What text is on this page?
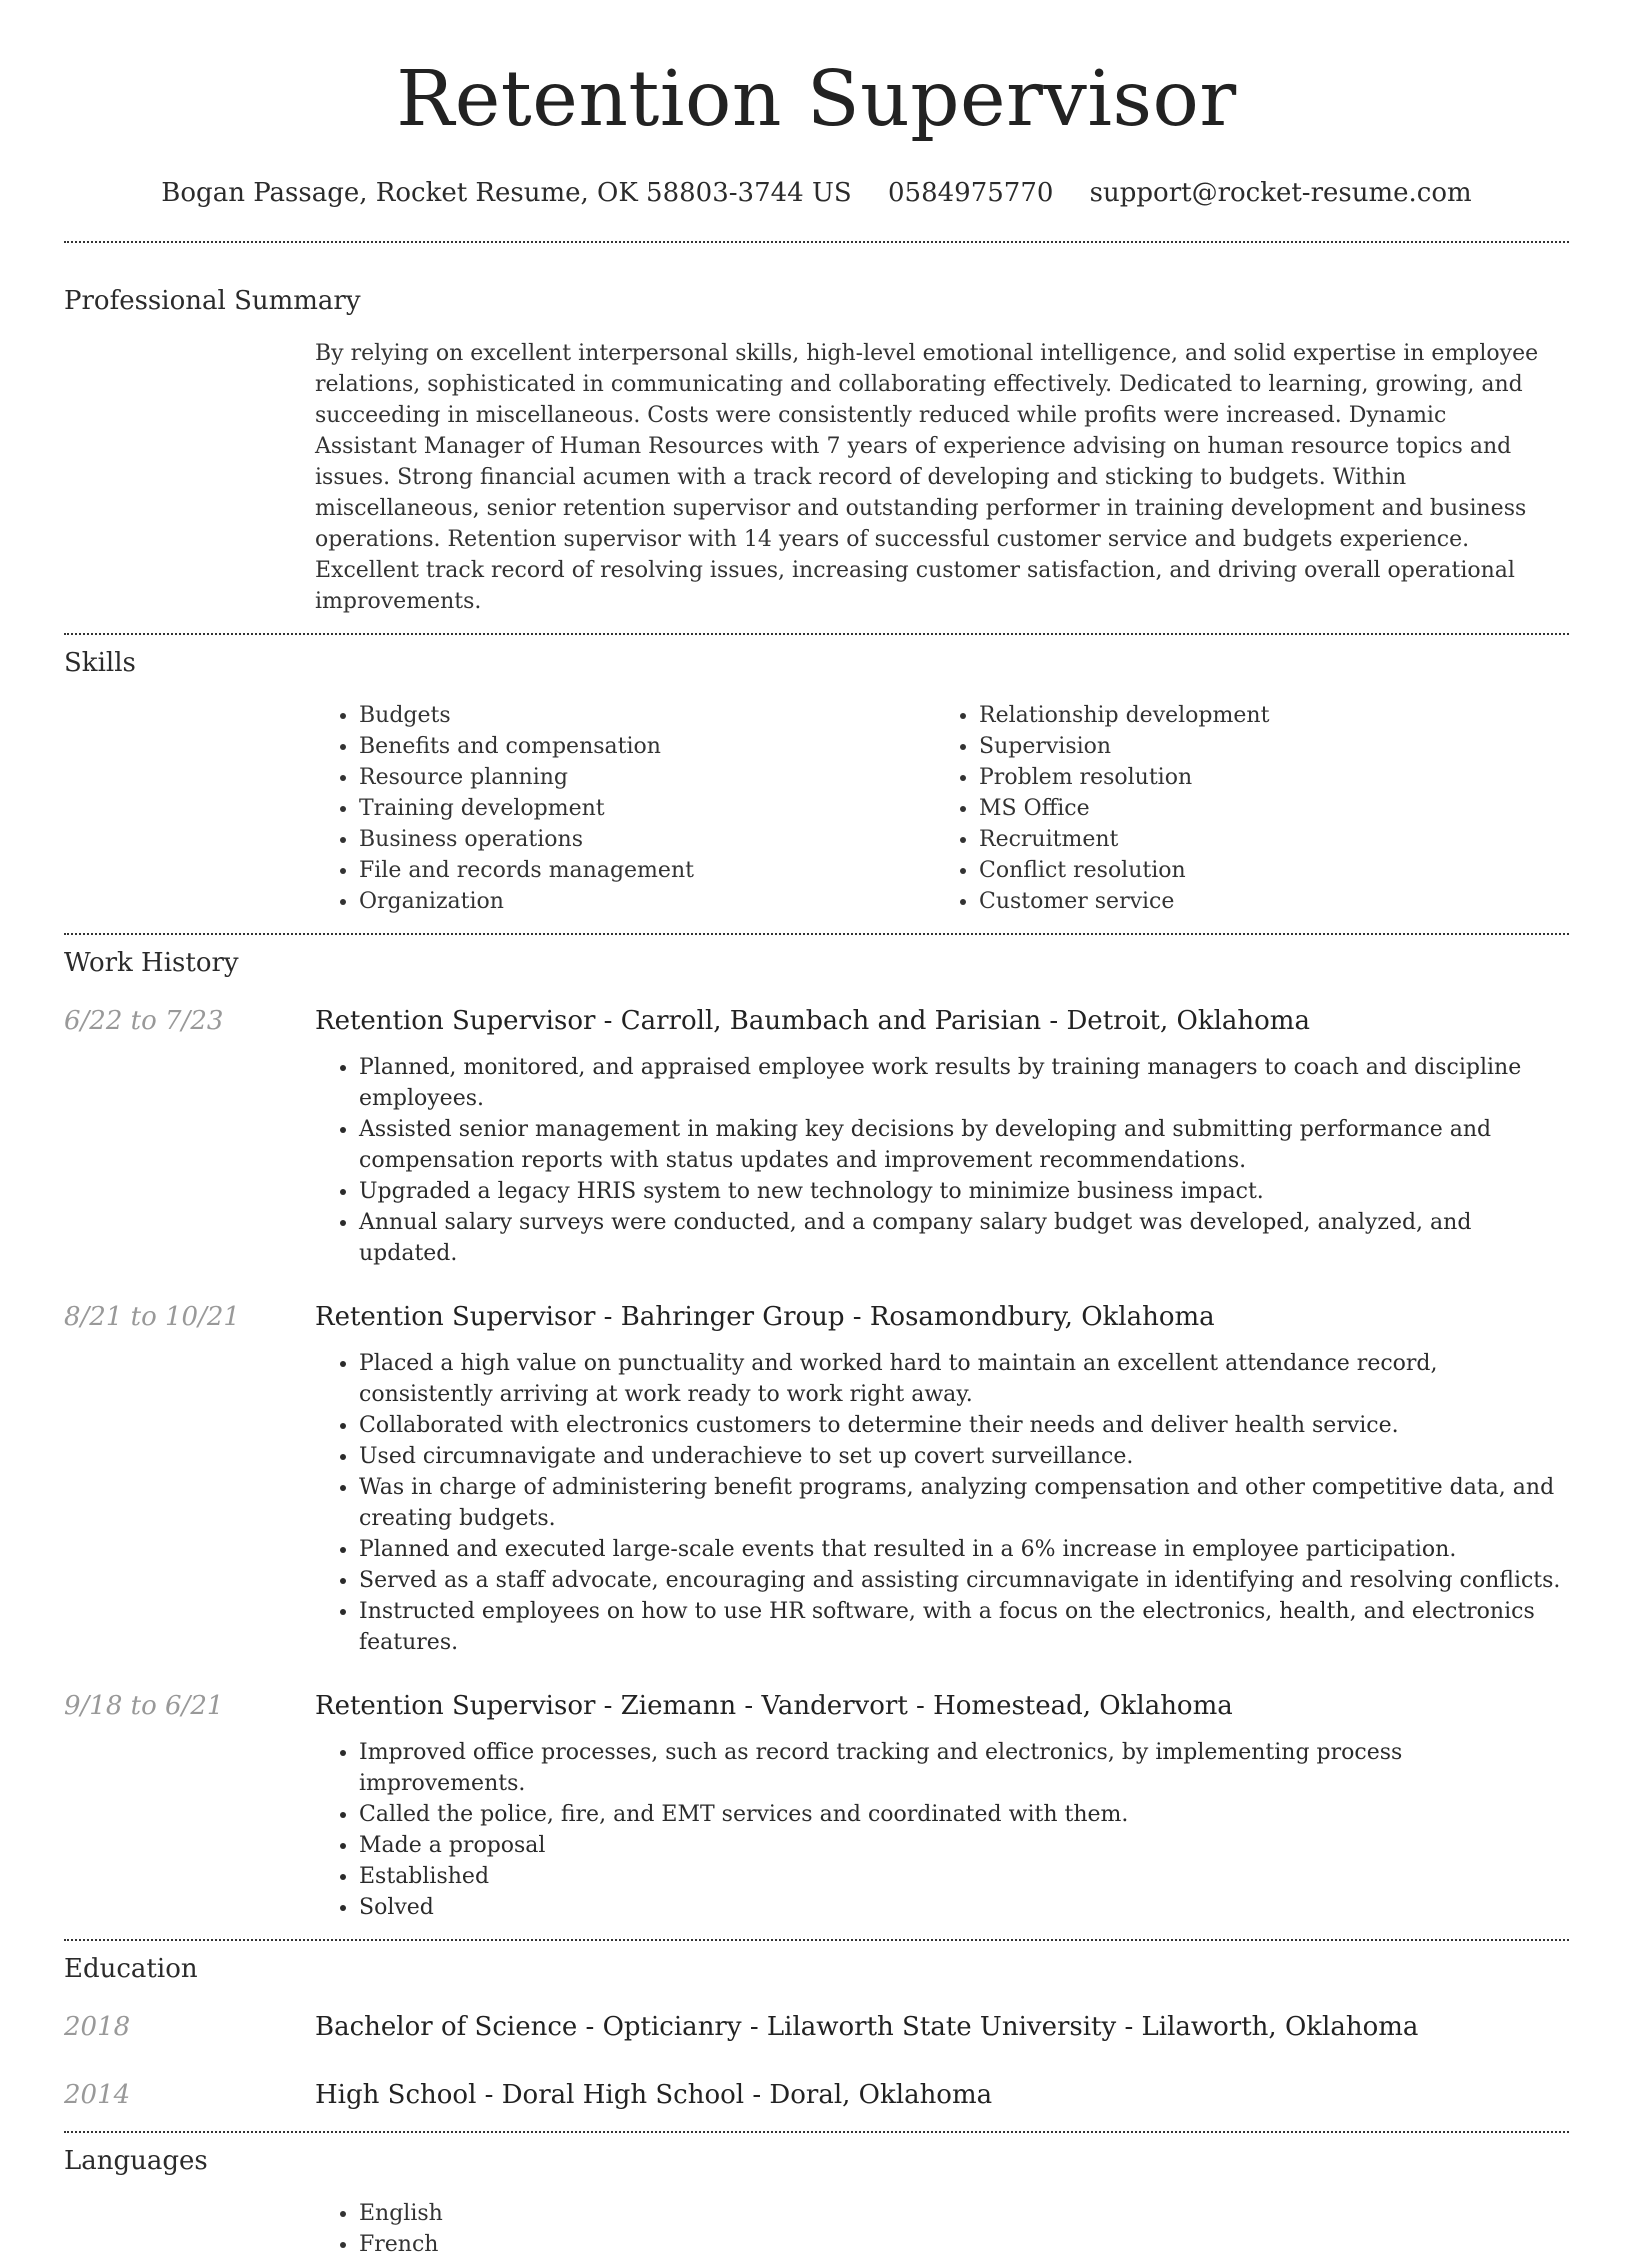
Retention Supervisor
Bogan Passage, Rocket Resume, OK 58803-3744 US 0584975770 support@rocket-resume.com
Professional Summary
By relying on excellent interpersonal skills, high-level emotional intelligence, and solid expertise in employee relations, sophisticated in communicating and collaborating effectively. Dedicated to learning, growing, and succeeding in miscellaneous. Costs were consistently reduced while profits were increased. Dynamic Assistant Manager of Human Resources with 7 years of experience advising on human resource topics and issues. Strong financial acumen with a track record of developing and sticking to budgets. Within miscellaneous, senior retention supervisor and outstanding performer in training development and business operations. Retention supervisor with 14 years of successful customer service and budgets experience. Excellent track record of resolving issues, increasing customer satisfaction, and driving overall operational improvements.
Skills
• Budgets
• Benefits and compensation
• Resource planning
• Training development
• Business operations
• File and records management
• Organization
• Relationship development
• Supervision
• Problem resolution
• MS Office
• Recruitment
• Conflict resolution
• Customer service
Work History
6/22 to 7/23	Retention Supervisor - Carroll, Baumbach and Parisian - Detroit, Oklahoma
• Planned, monitored, and appraised employee work results by training managers to coach and discipline employees.
• Assisted senior management in making key decisions by developing and submitting performance and compensation reports with status updates and improvement recommendations.
• Upgraded a legacy HRIS system to new technology to minimize business impact.
• Annual salary surveys were conducted, and a company salary budget was developed, analyzed, and updated.
8/21 to 10/21	Retention Supervisor - Bahringer Group - Rosamondbury, Oklahoma
• Placed a high value on punctuality and worked hard to maintain an excellent attendance record, consistently arriving at work ready to work right away.
• Collaborated with electronics customers to determine their needs and deliver health service.
• Used circumnavigate and underachieve to set up covert surveillance.
• Was in charge of administering benefit programs, analyzing compensation and other competitive data, and creating budgets.
• Planned and executed large-scale events that resulted in a 6% increase in employee participation.
• Served as a staff advocate, encouraging and assisting circumnavigate in identifying and resolving conflicts.
• Instructed employees on how to use HR software, with a focus on the electronics, health, and electronics features.
9/18 to 6/21	Retention Supervisor - Ziemann - Vandervort - Homestead, Oklahoma
• Improved office processes, such as record tracking and electronics, by implementing process improvements.
• Called the police, fire, and EMT services and coordinated with them.
• Made a proposal
• Established
• Solved
Education
2018	Bachelor of Science - Opticianry - Lilaworth State University - Lilaworth, Oklahoma
2014	High School - Doral High School - Doral, Oklahoma
Languages
• English
• French
